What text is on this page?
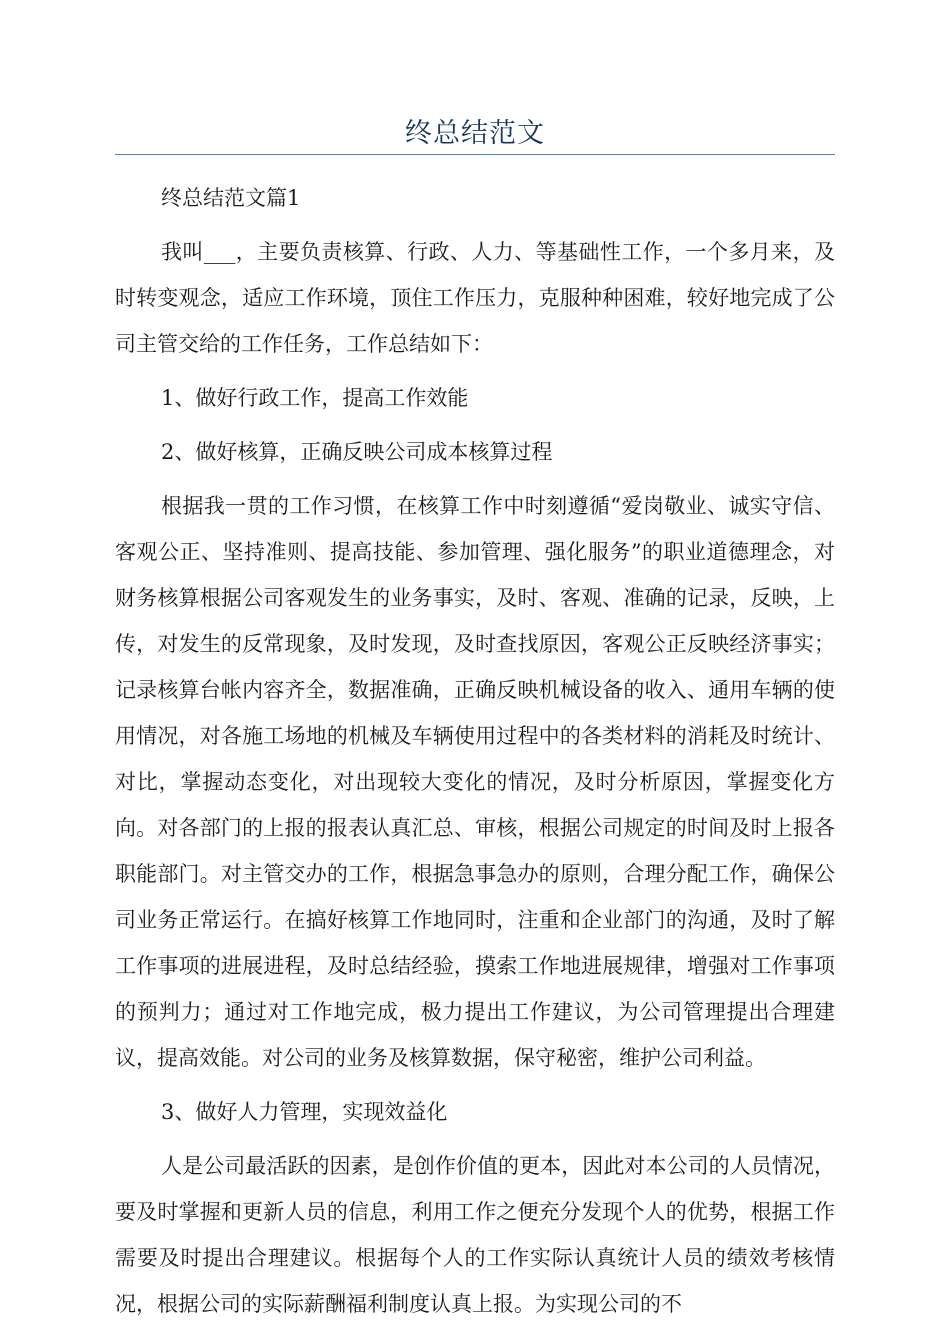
终总结范文

终总结范文篇1

我叫___，主要负责核算、行政、人力、等基础性工作，一个多月来，及时转变观念，适应工作环境，顶住工作压力，克服种种困难，较好地完成了公司主管交给的工作任务，工作总结如下：

1、做好行政工作，提高工作效能

2、做好核算，正确反映公司成本核算过程

根据我一贯的工作习惯，在核算工作中时刻遵循“爱岗敬业、诚实守信、客观公正、坚持准则、提高技能、参加管理、强化服务”的职业道德理念，对财务核算根据公司客观发生的业务事实，及时、客观、准确的记录，反映，上传，对发生的反常现象，及时发现，及时查找原因，客观公正反映经济事实；记录核算台帐内容齐全，数据准确，正确反映机械设备的收入、通用车辆的使用情况，对各施工场地的机械及车辆使用过程中的各类材料的消耗及时统计、对比，掌握动态变化，对出现较大变化的情况，及时分析原因，掌握变化方向。对各部门的上报的报表认真汇总、审核，根据公司规定的时间及时上报各职能部门。对主管交办的工作，根据急事急办的原则，合理分配工作，确保公司业务正常运行。在搞好核算工作地同时，注重和企业部门的沟通，及时了解工作事项的进展进程，及时总结经验，摸索工作地进展规律，增强对工作事项的预判力；通过对工作地完成，极力提出工作建议，为公司管理提出合理建议，提高效能。对公司的业务及核算数据，保守秘密，维护公司利益。

3、做好人力管理，实现效益化

人是公司最活跃的因素，是创作价值的更本，因此对本公司的人员情况，要及时掌握和更新人员的信息，利用工作之便充分发现个人的优势，根据工作需要及时提出合理建议。根据每个人的工作实际认真统计人员的绩效考核情况，根据公司的实际薪酬福利制度认真上报。为实现公司的不
